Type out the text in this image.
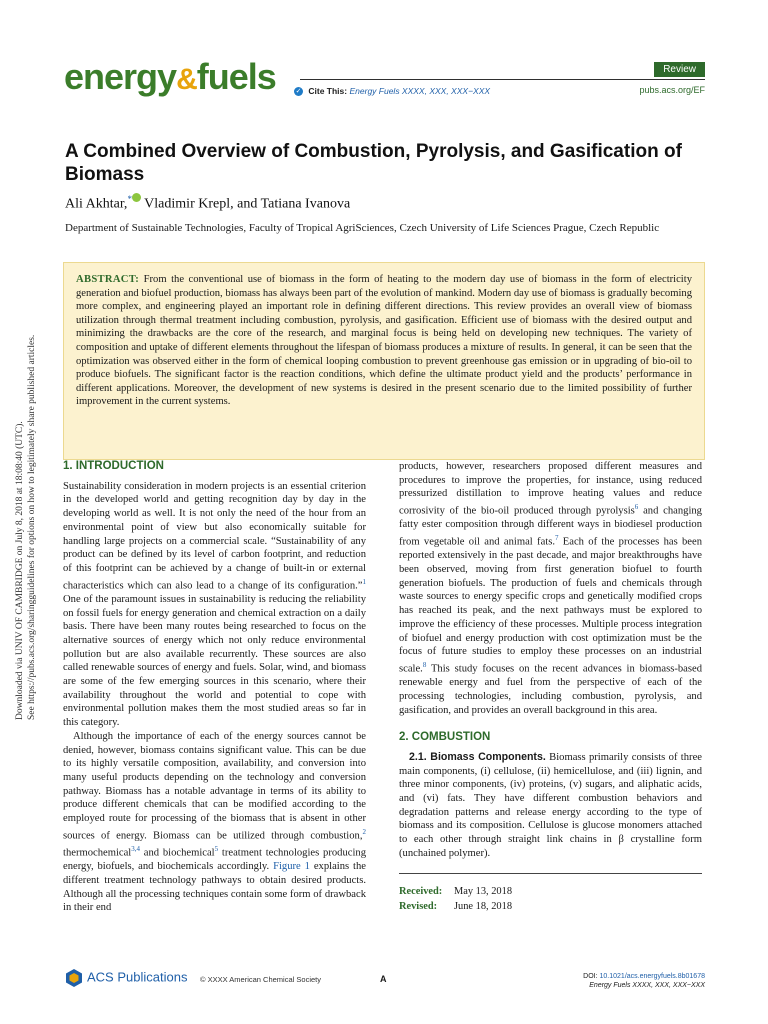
energy&fuels	Review
✓ Cite This: Energy Fuels XXXX, XXX, XXX−XXX	pubs.acs.org/EF
Downloaded via UNIV OF CAMBRIDGE on July 8, 2018 at 18:08:40 (UTC). See https://pubs.acs.org/sharingguidelines for options on how to legitimately share published articles.
A Combined Overview of Combustion, Pyrolysis, and Gasification of Biomass
Ali Akhtar,* Vladimir Krepl, and Tatiana Ivanova
Department of Sustainable Technologies, Faculty of Tropical AgriSciences, Czech University of Life Sciences Prague, Czech Republic
ABSTRACT: From the conventional use of biomass in the form of heating to the modern day use of biomass in the form of electricity generation and biofuel production, biomass has always been part of the evolution of mankind. Modern day use of biomass is gradually becoming more complex, and engineering played an important role in defining different directions. This review provides an overall view of biomass utilization through thermal treatment including combustion, pyrolysis, and gasification. Efficient use of biomass with the desired output and minimizing the drawbacks are the core of the research, and marginal focus is being held on developing new techniques. The variety of composition and uptake of different elements throughout the lifespan of biomass produces a mixture of results. In general, it can be seen that the optimization was observed either in the form of chemical looping combustion to prevent greenhouse gas emission or in upgrading of bio-oil to produce biofuels. The significant factor is the reaction conditions, which define the ultimate product yield and the products’ performance in different applications. Moreover, the development of new systems is desired in the present scenario due to the limited possibility of further improvement in the current systems.
1. INTRODUCTION

Sustainability consideration in modern projects is an essential criterion in the developed world and getting recognition day by day in the developing world as well. It is not only the need of the hour from an environmental point of view but also economically suitable for handling large projects on a commercial scale. “Sustainability of any product can be defined by its level of carbon footprint, and reduction of this footprint can be achieved by a change of built-in or external characteristics which can also lead to a change of its configuration.”$^1$ One of the paramount issues in sustainability is reducing the reliability on fossil fuels for energy generation and chemical extraction on a daily basis. There have been many routes being researched to focus on the alternative sources of energy which not only reduce environmental pollution but are also available recurrently. These sources are also called renewable sources of energy and fuels. Solar, wind, and biomass are some of the few emerging sources in this scenario, where their availability throughout the world and potential to cope with environmental pollution makes them the most studied areas so far in this category.

Although the importance of each of the energy sources cannot be denied, however, biomass contains significant value. This can be due to its highly versatile composition, availability, and conversion into many useful products depending on the technology and conversion pathway. Biomass has a notable advantage in terms of its ability to produce different chemicals that can be modified according to the employed route for processing of the biomass that is absent in other sources of energy. Biomass can be utilized through combustion,$^2$ thermochemical$^{3,4}$ and biochemical$^5$ treatment technologies producing energy, biofuels, and biochemicals accordingly. Figure 1 explains the different treatment technology pathways to obtain desired products. Although all the processing techniques contain some form of drawback in their end

products, however, researchers proposed different measures and procedures to improve the properties, for instance, using reduced pressurized distillation to improve heating values and reduce corrosivity of the bio-oil produced through pyrolysis$^6$ and changing fatty ester composition through different ways in biodiesel production from vegetable oil and animal fats.$^7$ Each of the processes has been reported extensively in the past decade, and major breakthroughs have been observed, moving from first generation biofuel to fourth generation biofuels. The production of fuels and chemicals through waste sources to energy specific crops and genetically modified crops has reached its peak, and the next pathways must be explored to improve the efficiency of these processes. Multiple process integration of biofuel and energy production with cost optimization must be the focus of future studies to employ these processes on an industrial scale.$^8$ This study focuses on the recent advances in biomass-based renewable energy and fuel from the perspective of each of the processing technologies, including combustion, pyrolysis, and gasification, and provides an overall background in this area.

2. COMBUSTION

2.1. Biomass Components. Biomass primarily consists of three main components, (i) cellulose, (ii) hemicellulose, and (iii) lignin, and three minor components, (iv) proteins, (v) sugars, and aliphatic acids, and (vi) fats. They have different combustion behaviors and degradation patterns and release energy according to the type of biomass and its composition. Cellulose is glucose monomers attached to each other through straight link chains in β crystalline form (unchained polymer).

Received: May 13, 2018
Revised: June 18, 2018
ACS Publications © XXXX American Chemical Society	A	DOI: 10.1021/acs.energyfuels.8b01678
Energy Fuels XXXX, XXX, XXX−XXX
